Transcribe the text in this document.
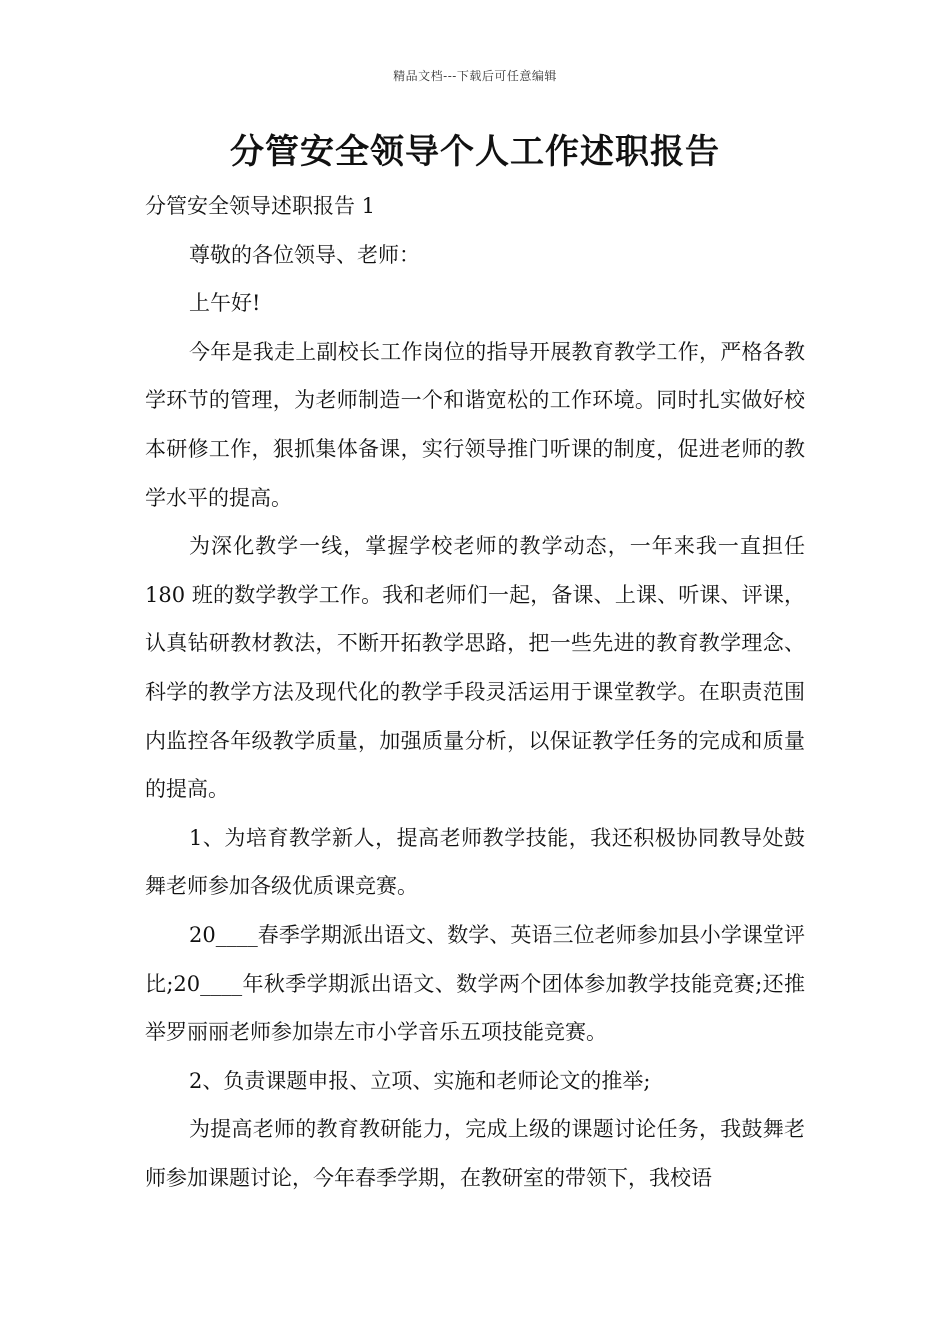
精品文档---下载后可任意编辑
分管安全领导个人工作述职报告

分管安全领导述职报告 1

尊敬的各位领导、老师：

上午好!

今年是我走上副校长工作岗位的指导开展教育教学工作，严格各教学环节的管理，为老师制造一个和谐宽松的工作环境。同时扎实做好校本研修工作，狠抓集体备课，实行领导推门听课的制度，促进老师的教学水平的提高。

为深化教学一线，掌握学校老师的教学动态，一年来我一直担任 180 班的数学教学工作。我和老师们一起，备课、上课、听课、评课，认真钻研教材教法，不断开拓教学思路，把一些先进的教育教学理念、科学的教学方法及现代化的教学手段灵活运用于课堂教学。在职责范围内监控各年级教学质量，加强质量分析，以保证教学任务的完成和质量的提高。

1、为培育教学新人，提高老师教学技能，我还积极协同教导处鼓舞老师参加各级优质课竞赛。

20____春季学期派出语文、数学、英语三位老师参加县小学课堂评比;20____年秋季学期派出语文、数学两个团体参加教学技能竞赛;还推举罗丽丽老师参加崇左市小学音乐五项技能竞赛。

2、负责课题申报、立项、实施和老师论文的推举;

为提高老师的教育教研能力，完成上级的课题讨论任务，我鼓舞老师参加课题讨论，今年春季学期，在教研室的带领下，我校语
